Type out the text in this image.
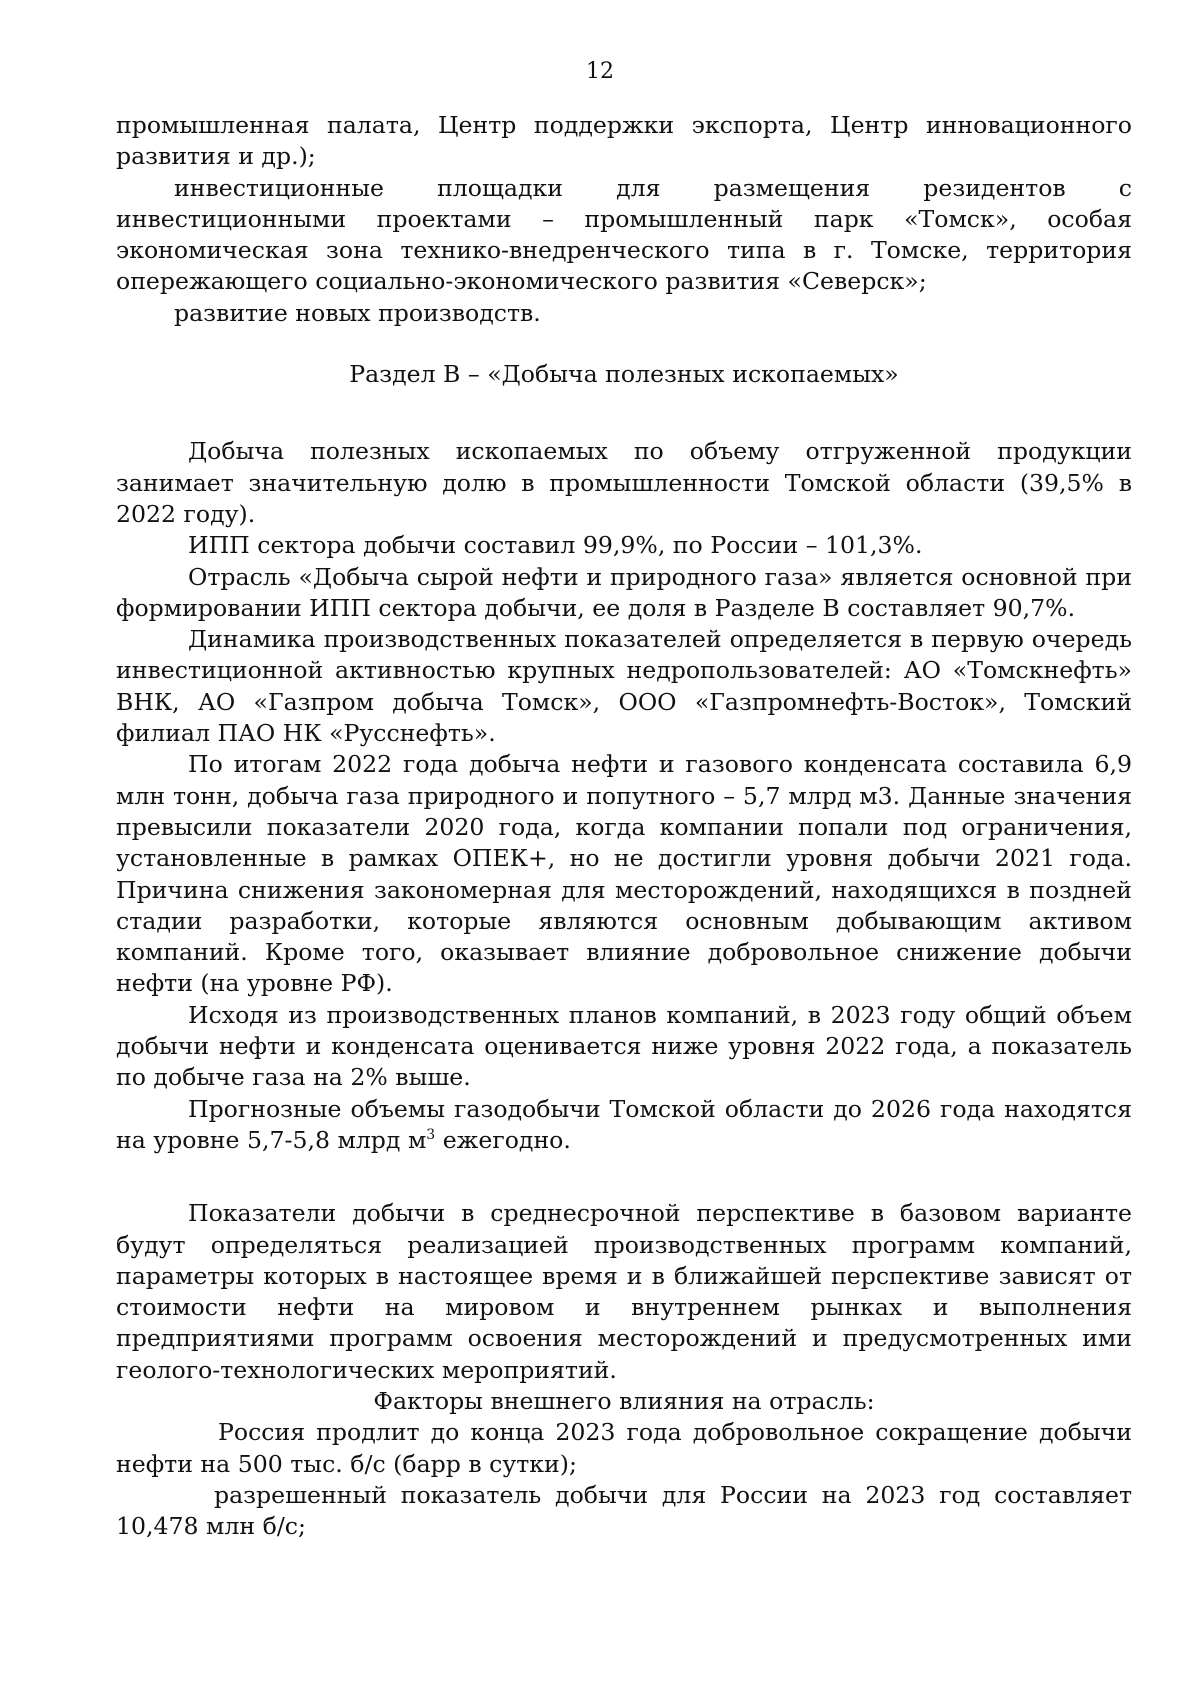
12

промышленная палата, Центр поддержки экспорта, Центр инновационного развития и др.);

инвестиционные площадки для размещения резидентов с инвестиционными проектами – промышленный парк «Томск», особая экономическая зона технико-внедренческого типа в г. Томске, территория опережающего социально-экономического развития «Северск»;

развитие новых производств.

Раздел В – «Добыча полезных ископаемых»

Добыча полезных ископаемых по объему отгруженной продукции занимает значительную долю в промышленности Томской области (39,5% в 2022 году).

ИПП сектора добычи составил 99,9%, по России – 101,3%.

Отрасль «Добыча сырой нефти и природного газа» является основной при формировании ИПП сектора добычи, ее доля в Разделе В составляет 90,7%.

Динамика производственных показателей определяется в первую очередь инвестиционной активностью крупных недропользователей: АО «Томскнефть» ВНК, АО «Газпром добыча Томск», ООО «Газпромнефть-Восток», Томский филиал ПАО НК «Русснефть».

По итогам 2022 года добыча нефти и газового конденсата составила 6,9 млн тонн, добыча газа природного и попутного – 5,7 млрд м3. Данные значения превысили показатели 2020 года, когда компании попали под ограничения, установленные в рамках ОПЕК+, но не достигли уровня добычи 2021 года. Причина снижения закономерная для месторождений, находящихся в поздней стадии разработки, которые являются основным добывающим активом компаний. Кроме того, оказывает влияние добровольное снижение добычи нефти (на уровне РФ).

Исходя из производственных планов компаний, в 2023 году общий объем добычи нефти и конденсата оценивается ниже уровня 2022 года, а показатель по добыче газа на 2% выше.

Прогнозные объемы газодобычи Томской области до 2026 года находятся на уровне 5,7-5,8 млрд $м^3$ ежегодно.

Показатели добычи в среднесрочной перспективе в базовом варианте будут определяться реализацией производственных программ компаний, параметры которых в настоящее время и в ближайшей перспективе зависят от стоимости нефти на мировом и внутреннем рынках и выполнения предприятиями программ освоения месторождений и предусмотренных ими геолого-технологических мероприятий.

Факторы внешнего влияния на отрасль:

Россия продлит до конца 2023 года добровольное сокращение добычи нефти на 500 тыс. б/с (барр в сутки);

разрешенный показатель добычи для России на 2023 год составляет 10,478 млн б/с;
